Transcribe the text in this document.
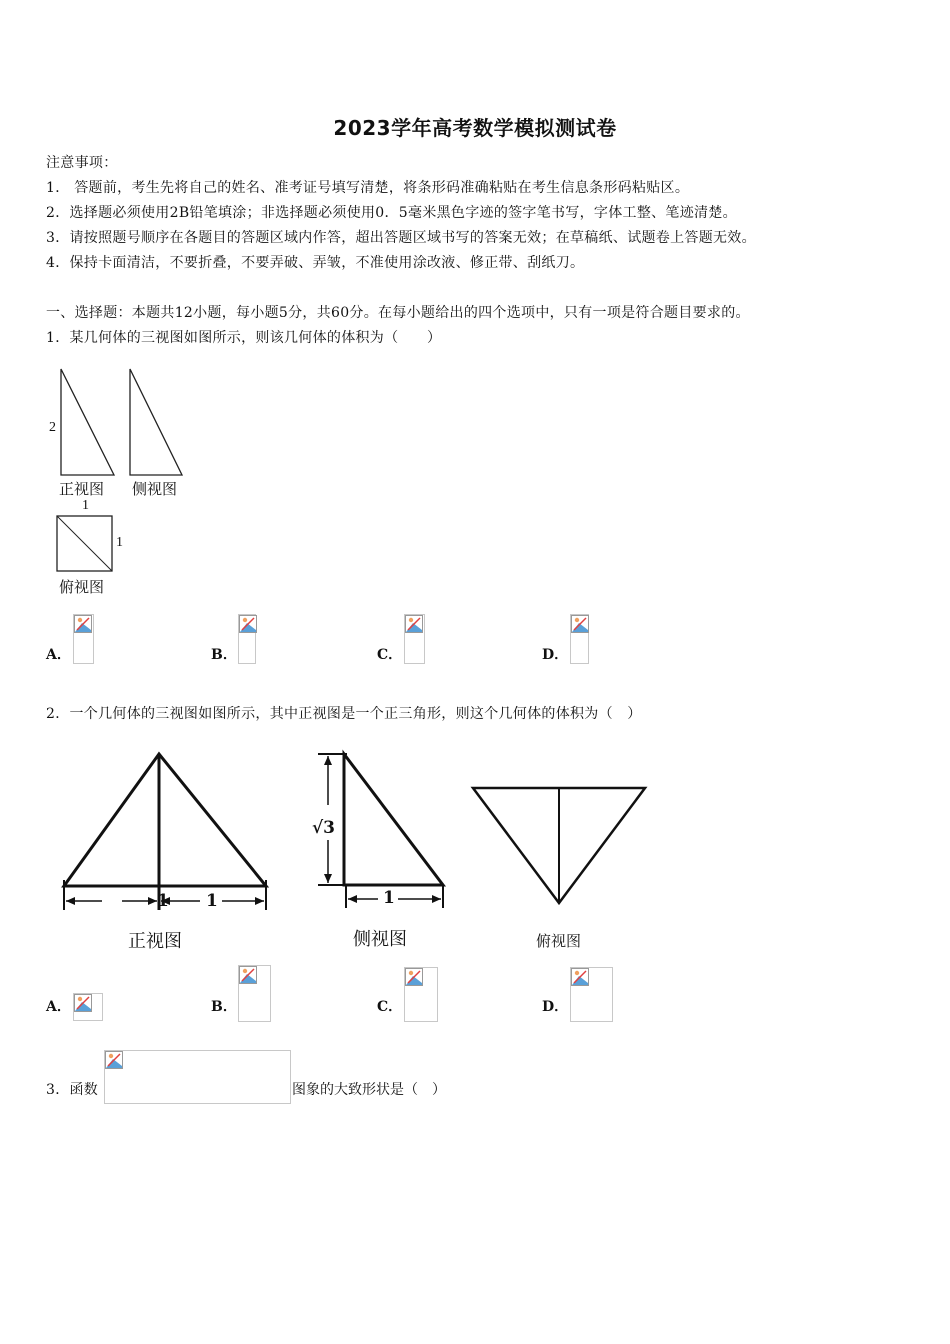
2023学年高考数学模拟测试卷
注意事项：
1． 答题前，考生先将自己的姓名、准考证号填写清楚，将条形码准确粘贴在考生信息条形码粘贴区。
2．选择题必须使用2B铅笔填涂；非选择题必须使用0．5毫米黑色字迹的签字笔书写，字体工整、笔迹清楚。
3．请按照题号顺序在各题目的答题区域内作答，超出答题区域书写的答案无效；在草稿纸、试题卷上答题无效。
4．保持卡面清洁，不要折叠，不要弄破、弄皱，不准使用涂改液、修正带、刮纸刀。
一、选择题：本题共12小题，每小题5分，共60分。在每小题给出的四个选项中，只有一项是符合题目要求的。
1．某几何体的三视图如图所示，则该几何体的体积为（　　）
2
正视图 侧视图
1
1
俯视图
A．	B．	C．	D．
2．一个几何体的三视图如图所示，其中正视图是一个正三角形，则这个几何体的体积为（　）
1 1	1
√3
正视图	侧视图	俯视图
A．	B．	C．	D．
3．函数	图象的大致形状是（　）
